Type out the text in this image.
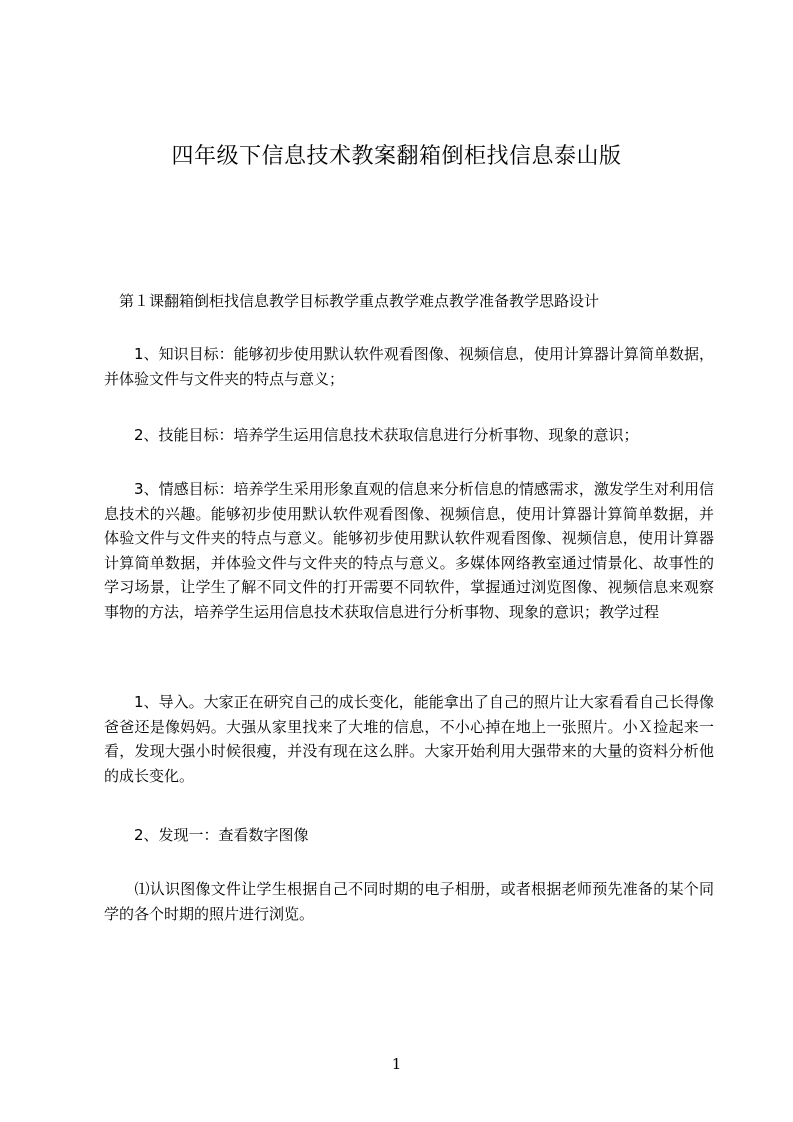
四年级下信息技术教案翻箱倒柜找信息泰山版
　第１课翻箱倒柜找信息教学目标教学重点教学难点教学准备教学思路设计
　　1、知识目标：能够初步使用默认软件观看图像、视频信息，使用计算器计算简单数据，并体验文件与文件夹的特点与意义；
　　2、技能目标：培养学生运用信息技术获取信息进行分析事物、现象的意识；
　　3、情感目标：培养学生采用形象直观的信息来分析信息的情感需求，激发学生对利用信息技术的兴趣。能够初步使用默认软件观看图像、视频信息，使用计算器计算简单数据，并体验文件与文件夹的特点与意义。能够初步使用默认软件观看图像、视频信息，使用计算器计算简单数据，并体验文件与文件夹的特点与意义。多媒体网络教室通过情景化、故事性的学习场景，让学生了解不同文件的打开需要不同软件，掌握通过浏览图像、视频信息来观察事物的方法，培养学生运用信息技术获取信息进行分析事物、现象的意识；教学过程
　　1、导入。大家正在研究自己的成长变化，能能拿出了自己的照片让大家看看自己长得像爸爸还是像妈妈。大强从家里找来了大堆的信息，不小心掉在地上一张照片。小Ｘ捡起来一看，发现大强小时候很瘦，并没有现在这么胖。大家开始利用大强带来的大量的资料分析他的成长变化。
　　2、发现一：查看数字图像
　　⑴认识图像文件让学生根据自己不同时期的电子相册，或者根据老师预先准备的某个同学的各个时期的照片进行浏览。
1
